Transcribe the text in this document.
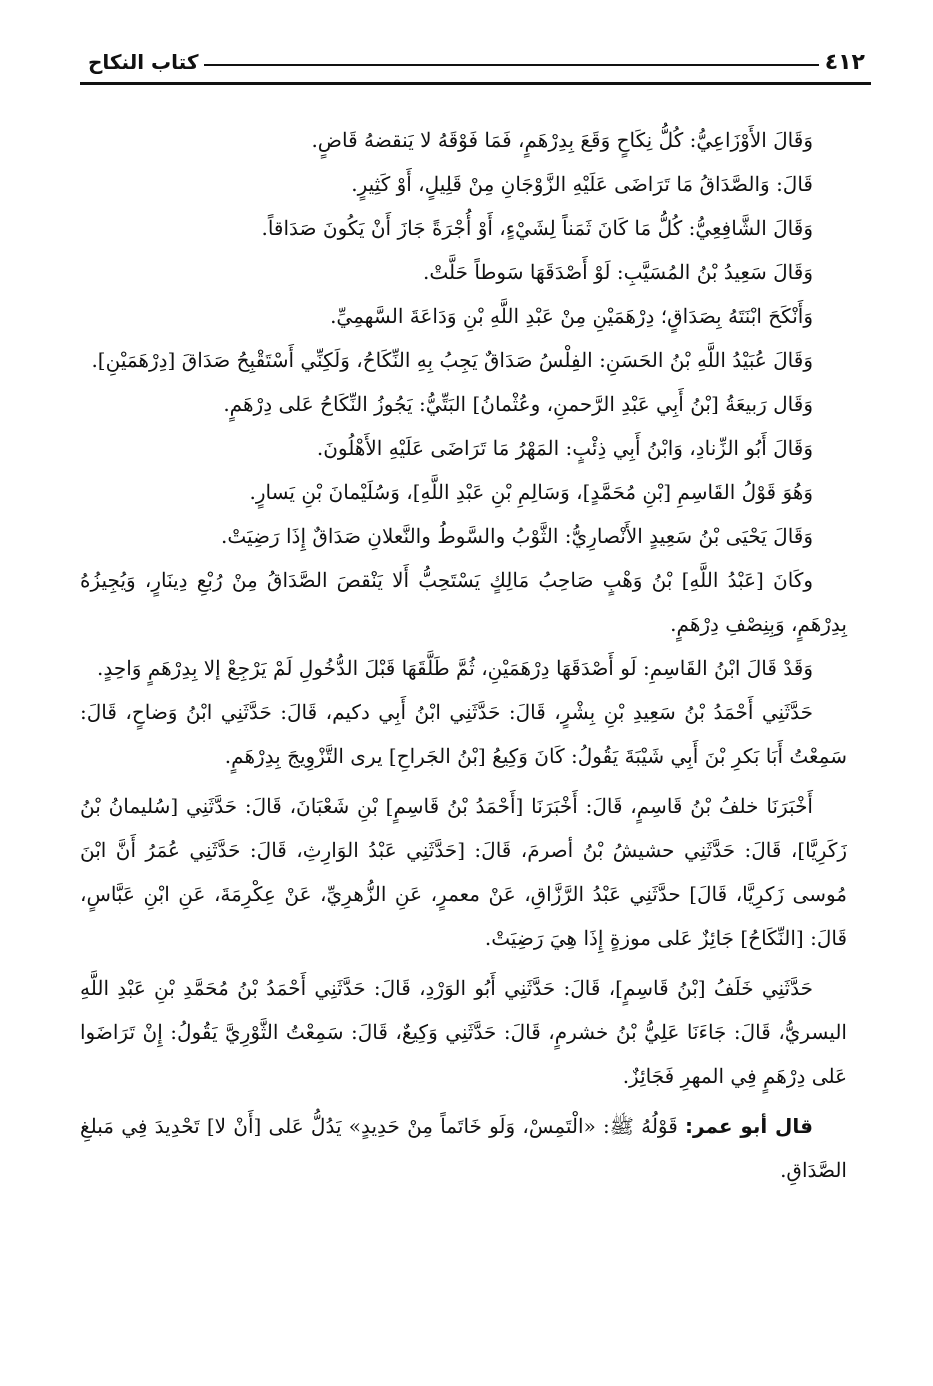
٤١٢
كتاب النكاح

وَقَالَ الأَوْزَاعِيُّ: كُلُّ نِكَاحٍ وَقَعَ بِدِرْهَمٍ، فَمَا فَوْقَهُ لا يَنقضهُ قَاضٍ.

قَالَ: وَالصَّدَاقُ مَا تَرَاضَى عَلَيْهِ الزَّوْجَانِ مِنْ قَلِيلٍ، أَوْ كَثِيرٍ.

وَقَالَ الشَّافِعِيُّ: كُلُّ مَا كَانَ ثَمَناً لِشَيْءٍ، أَوْ أُجْرَةً جَازَ أَنْ يَكُونَ صَدَاقاً.

وَقَالَ سَعِيدُ بْنُ المُسَيَّبِ: لَوْ أَصْدَقَهَا سَوطاً حَلَّتْ.

وَأَنْكَحَ ابْنَتَهُ بِصَدَاقٍ؛ دِرْهَمَيْنِ مِنْ عَبْدِ اللَّهِ بْنِ وَدَاعَةَ السَّهمِيِّ.

وَقَالَ عُبَيْدُ اللَّهِ بْنُ الحَسَنِ: الفِلْسُ صَدَاقٌ يَجِبُ بِهِ النِّكَاحُ، وَلَكِنِّي أَسْتَقْبِحُ صَدَاقَ [دِرْهَمَيْنِ].

وَقَال رَبيعَةُ [بْنُ أَبِي عَبْدِ الرَّحمنِ، وعُثْمانُ] البَتِّيُّ: يَجُوزُ النِّكَاحُ عَلى دِرْهَمٍ.

وَقَالَ أَبُو الزِّنادِ، وَابْنُ أَبِي ذِئْبٍ: المَهْرُ مَا تَرَاضَى عَلَيْهِ الأَهْلُونَ.

وَهُوَ قَوْلُ القَاسِمِ [بْنِ مُحَمَّدٍ]، وَسَالِمِ بْنِ عَبْدِ اللَّهِ]، وَسُلَيْمانَ بْنِ يَسارٍ.

وَقَالَ يَحْيَى بْنُ سَعِيدٍ الأَنْصارِيُّ: الثَّوْبُ والسَّوطُ والنَّعلانِ صَدَاقٌ إِذَا رَضِيَتْ.

وكَانَ [عَبْدُ اللَّهِ] بْنُ وَهْبٍ صَاحِبُ مَالِكٍ يَسْتَحِبُّ أَلا يَنْقصَ الصَّدَاقُ مِنْ رُبْعِ دِينَارٍ، وَيُجِيزُهُ بِدِرْهَمٍ، وَبِنِصْفِ دِرْهَمٍ.

وَقَدْ قَالَ ابْنُ القَاسِمِ: لَو أَصْدَقَهَا دِرْهَمَيْنِ، ثُمَّ طَلَّقَهَا قَبْلَ الدُّخُولِ لَمْ يَرْجِعْ إلا بِدِرْهَمٍ وَاحِدٍ.

حَدَّثَنِي أَحْمَدُ بْنُ سَعِيدِ بْنِ بِشْرٍ، قَالَ: حَدَّثَنِي ابْنُ أَبِي دكيم، قَالَ: حَدَّثَنِي ابْنُ وَضاحٍ، قَالَ: سَمِعْتُ أَبَا بَكرِ بْنَ أَبِي شَيْبَةَ يَقُولُ: كَانَ وَكِيعُ [بْنُ الجَراحِ] يرى التَّزْوِيجَ بِدِرْهَمٍ.

أَخْبَرَنَا خلفُ بْنُ قَاسِمٍ، قَالَ: أَخْبَرَنَا [أَحْمَدُ بْنُ قَاسِمٍ] بْنِ شَعْبَانَ، قَالَ: حَدَّثَنِي [سُليمانُ بْنُ زَكَرِيَّا]، قَالَ: حَدَّثَنِي حشيشُ بْنُ أصرمَ، قَالَ: [حَدَّثَنِي عَبْدُ الوَارِثِ، قَالَ: حَدَّثَنِي عُمَرُ أَنَّ ابْنَ مُوسى زَكرِيَّا، قَالَ] حدَّثَنِي عَبْدُ الرَّزَّاقِ، عَنْ معمرٍ، عَنِ الزُّهرِيِّ، عَنْ عِكْرِمَةَ، عَنِ ابْنِ عَبَّاسٍ، قَالَ: [النِّكَاحُ] جَائِزٌ عَلى موزةٍ إِذَا هِيَ رَضِيَتْ.

حَدَّثَنِي خَلَفُ [بْنُ قَاسِمٍ]، قَالَ: حَدَّثَنِي أَبُو الوَرْدِ، قَالَ: حَدَّثَنِي أَحْمَدُ بْنُ مُحَمَّدِ بْنِ عَبْدِ اللَّهِ اليسريُّ، قَالَ: جَاءَنَا عَلِيُّ بْنُ خشرمٍ، قَالَ: حَدَّثَنِي وَكِيعٌ، قَالَ: سَمِعْتُ الثَّوْرِيَّ يَقُولُ: إِنْ تَرَاضَوا عَلى دِرْهَمٍ فِي المهرِ فَجَائِزٌ.

قال أبو عمر: قَوْلُهُ ﷺ: «الْتَمِسْ، وَلَو خَاتَماً مِنْ حَدِيدٍ» يَدُلُّ عَلى [أَنْ لا] تَحْدِيدَ فِي مَبلغِ الصَّدَاقِ.
